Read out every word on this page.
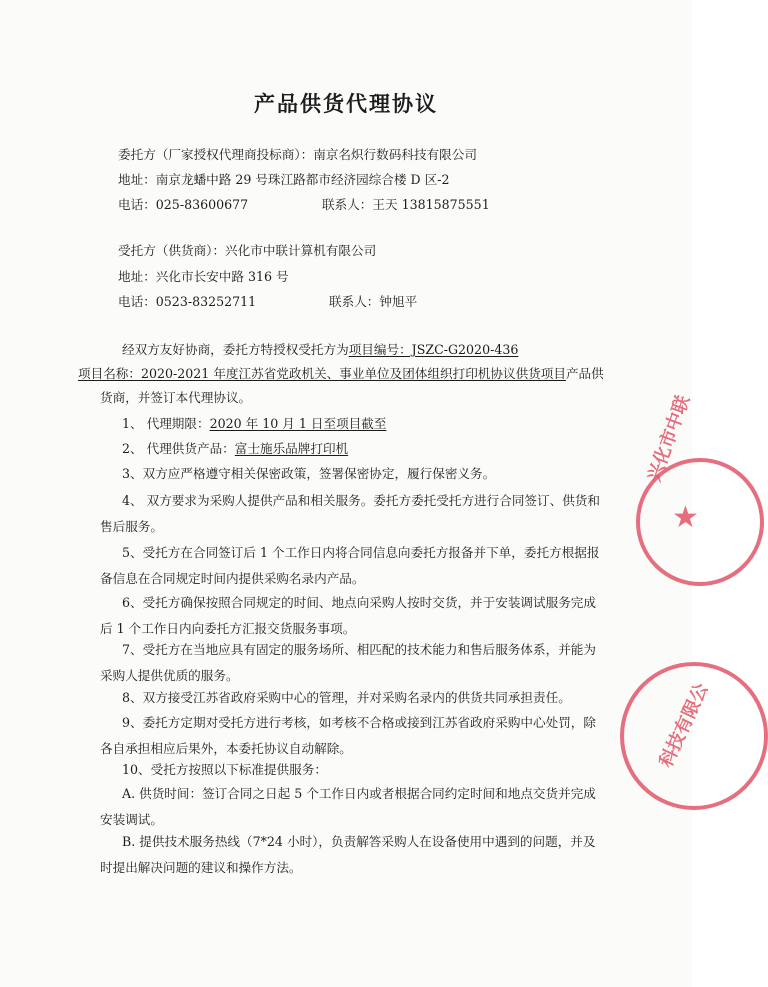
产品供货代理协议
委托方（厂家授权代理商投标商）：南京名炽行数码科技有限公司
地址：南京龙蟠中路 29 号珠江路都市经济园综合楼 D 区-2
电话：025-83600677	联系人：王天 13815875551
受托方（供货商）：兴化市中联计算机有限公司
地址：兴化市长安中路 316 号
电话：0523-83252711	联系人：钟旭平
经双方友好协商，委托方特授权受托方为项目编号：JSZC-G2020-436
项目名称：2020-2021 年度江苏省党政机关、事业单位及团体组织打印机协议供货项目产品供货商，并签订本代理协议。
1、 代理期限：2020 年 10 月 1 日至项目截至
2、 代理供货产品：富士施乐品牌打印机
3、双方应严格遵守相关保密政策，签署保密协定，履行保密义务。
4、 双方要求为采购人提供产品和相关服务。委托方委托受托方进行合同签订、供货和售后服务。
5、受托方在合同签订后 1 个工作日内将合同信息向委托方报备并下单，委托方根据报备信息在合同规定时间内提供采购名录内产品。
6、受托方确保按照合同规定的时间、地点向采购人按时交货，并于安装调试服务完成后 1 个工作日内向委托方汇报交货服务事项。
7、受托方在当地应具有固定的服务场所、相匹配的技术能力和售后服务体系，并能为采购人提供优质的服务。
8、双方接受江苏省政府采购中心的管理，并对采购名录内的供货共同承担责任。
9、委托方定期对受托方进行考核，如考核不合格或接到江苏省政府采购中心处罚，除各自承担相应后果外，本委托协议自动解除。
10、受托方按照以下标准提供服务：
A. 供货时间：签订合同之日起 5 个工作日内或者根据合同约定时间和地点交货并完成安装调试。
B. 提供技术服务热线（7*24 小时），负责解答采购人在设备使用中遇到的问题，并及时提出解决问题的建议和操作方法。
兴化市中联
★
科技有限公
